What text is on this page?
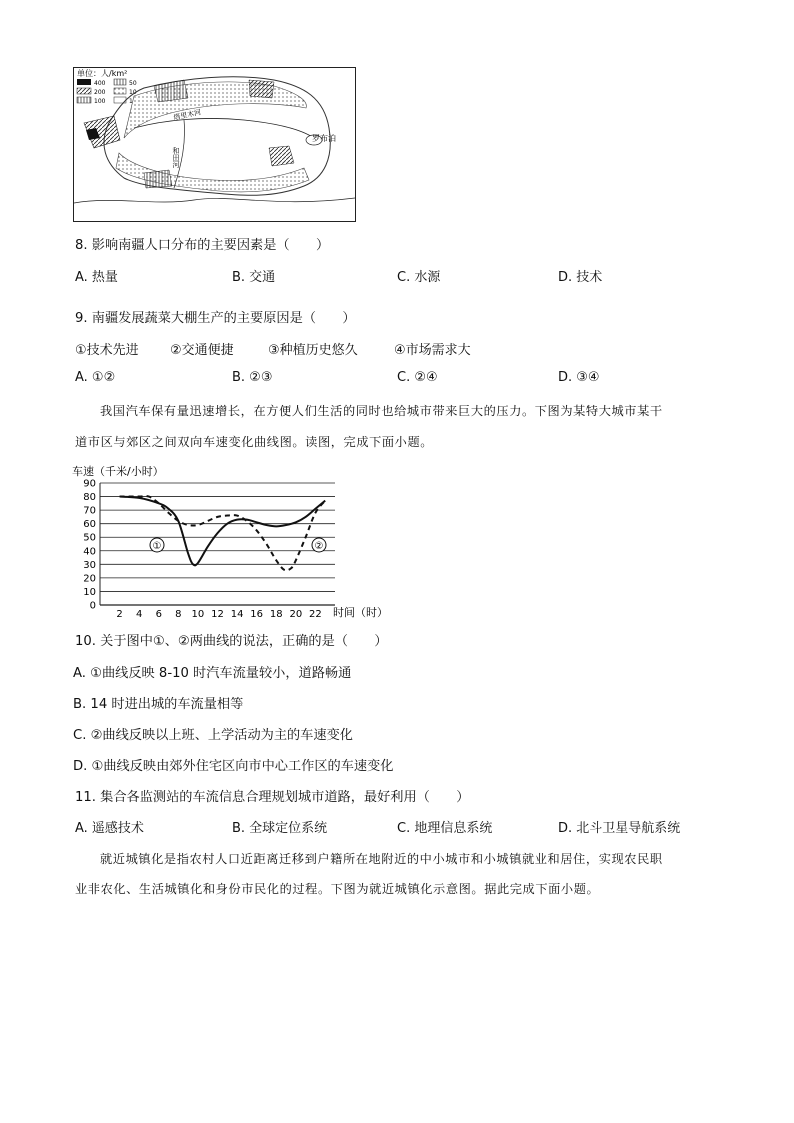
单位：人/km²
400
200
100
50
10
1
罗布泊
和田河
塔里木河
8. 影响南疆人口分布的主要因素是（　　）
A. 热量	B. 交通	C. 水源	D. 技术
9. 南疆发展蔬菜大棚生产的主要原因是（　　）
①技术先进 ②交通便捷	③种植历史悠久	④市场需求大
A. ①②	B. ②③	C. ②④	D. ③④
我国汽车保有量迅速增长，在方便人们生活的同时也给城市带来巨大的压力。下图为某特大城市某干
道市区与郊区之间双向车速变化曲线图。读图，完成下面小题。
车速（千米/小时）
0
10
20
30
40
50
60
70
80
90
2 4 6 8 10 12 14 16 18 20 22 时间（时）
①	②
10. 关于图中①、②两曲线的说法，正确的是（　　）
A. ①曲线反映 8-10 时汽车流量较小，道路畅通
B. 14 时进出城的车流量相等
C. ②曲线反映以上班、上学活动为主的车速变化
D. ①曲线反映由郊外住宅区向市中心工作区的车速变化
11. 集合各监测站的车流信息合理规划城市道路，最好利用（　　）
A. 遥感技术	B. 全球定位系统	C. 地理信息系统	D. 北斗卫星导航系统
就近城镇化是指农村人口近距离迁移到户籍所在地附近的中小城市和小城镇就业和居住，实现农民职
业非农化、生活城镇化和身份市民化的过程。下图为就近城镇化示意图。据此完成下面小题。
